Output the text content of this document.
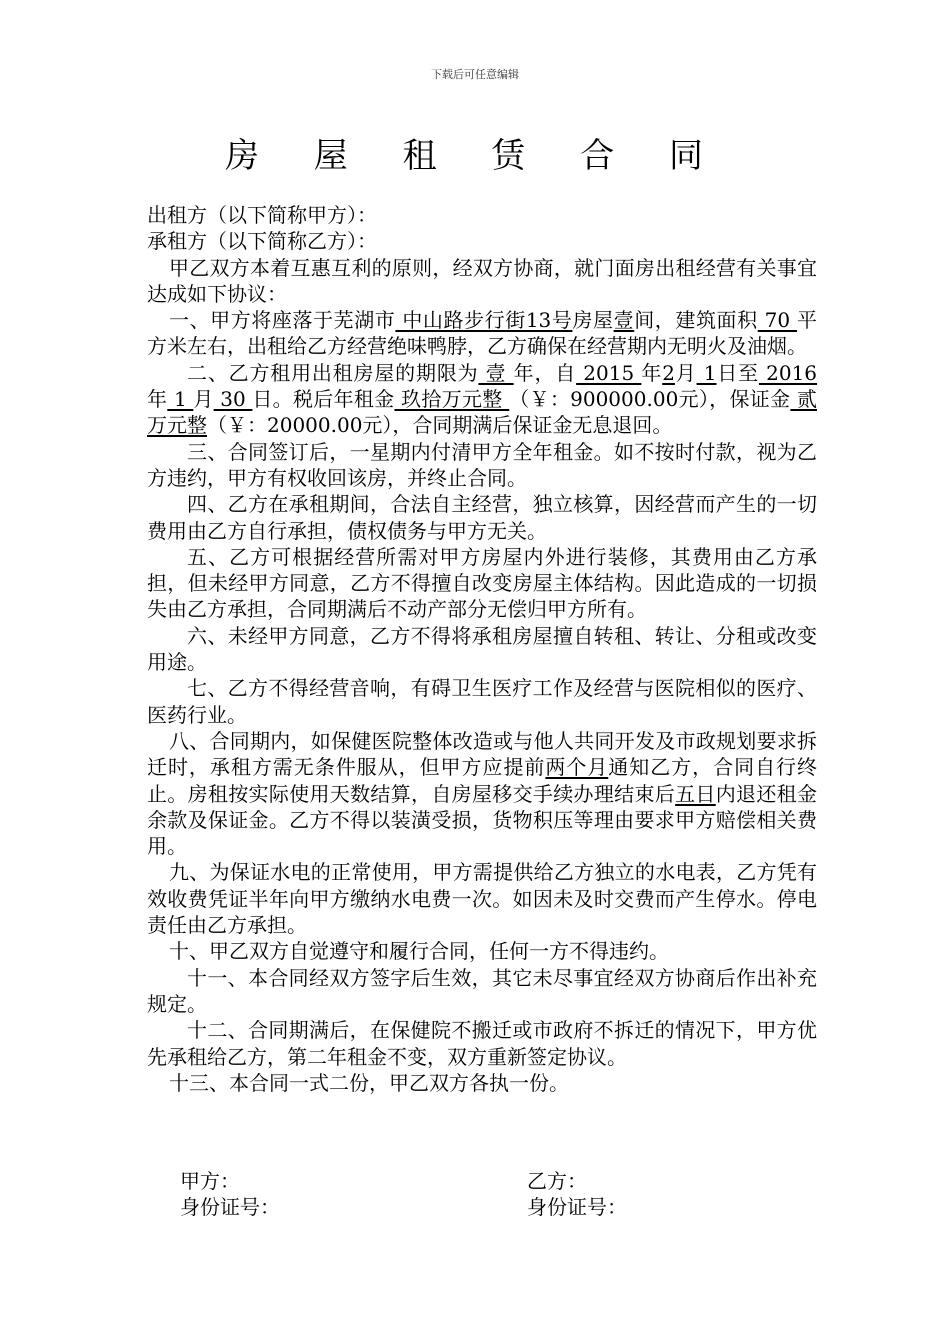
下载后可任意编辑
房 屋 租 赁 合 同

出租方（以下简称甲方）：

承租方（以下简称乙方）：

甲乙双方本着互惠互利的原则，经双方协商，就门面房出租经营有关事宜达成如下协议：

一、甲方将座落于芜湖市 中山路步行街13号房屋壹间，建筑面积 70 平方米左右，出租给乙方经营绝味鸭脖，乙方确保在经营期内无明火及油烟。

二、乙方租用出租房屋的期限为 壹 年，自 2015 年2月 1日至 2016 年 1 月 30 日。税后年租金 玖拾万元整 （￥：900000.00元），保证金 贰万元整（￥：20000.00元），合同期满后保证金无息退回。

三、合同签订后，一星期内付清甲方全年租金。如不按时付款，视为乙方违约，甲方有权收回该房，并终止合同。

四、乙方在承租期间，合法自主经营，独立核算，因经营而产生的一切费用由乙方自行承担，债权债务与甲方无关。

五、乙方可根据经营所需对甲方房屋内外进行装修，其费用由乙方承担，但未经甲方同意，乙方不得擅自改变房屋主体结构。因此造成的一切损失由乙方承担，合同期满后不动产部分无偿归甲方所有。

六、未经甲方同意，乙方不得将承租房屋擅自转租、转让、分租或改变用途。

七、乙方不得经营音响，有碍卫生医疗工作及经营与医院相似的医疗、医药行业。

八、合同期内，如保健医院整体改造或与他人共同开发及市政规划要求拆迁时，承租方需无条件服从，但甲方应提前两个月通知乙方，合同自行终止。房租按实际使用天数结算，自房屋移交手续办理结束后五日内退还租金余款及保证金。乙方不得以装潢受损，货物积压等理由要求甲方赔偿相关费用。

九、为保证水电的正常使用，甲方需提供给乙方独立的水电表，乙方凭有效收费凭证半年向甲方缴纳水电费一次。如因未及时交费而产生停水。停电责任由乙方承担。

十、甲乙双方自觉遵守和履行合同，任何一方不得违约。

十一、本合同经双方签字后生效，其它未尽事宜经双方协商后作出补充规定。

十二、合同期满后，在保健院不搬迁或市政府不拆迁的情况下，甲方优先承租给乙方，第二年租金不变，双方重新签定协议。

十三、本合同一式二份，甲乙双方各执一份。

甲方：
身份证号：
乙方：
身份证号：
